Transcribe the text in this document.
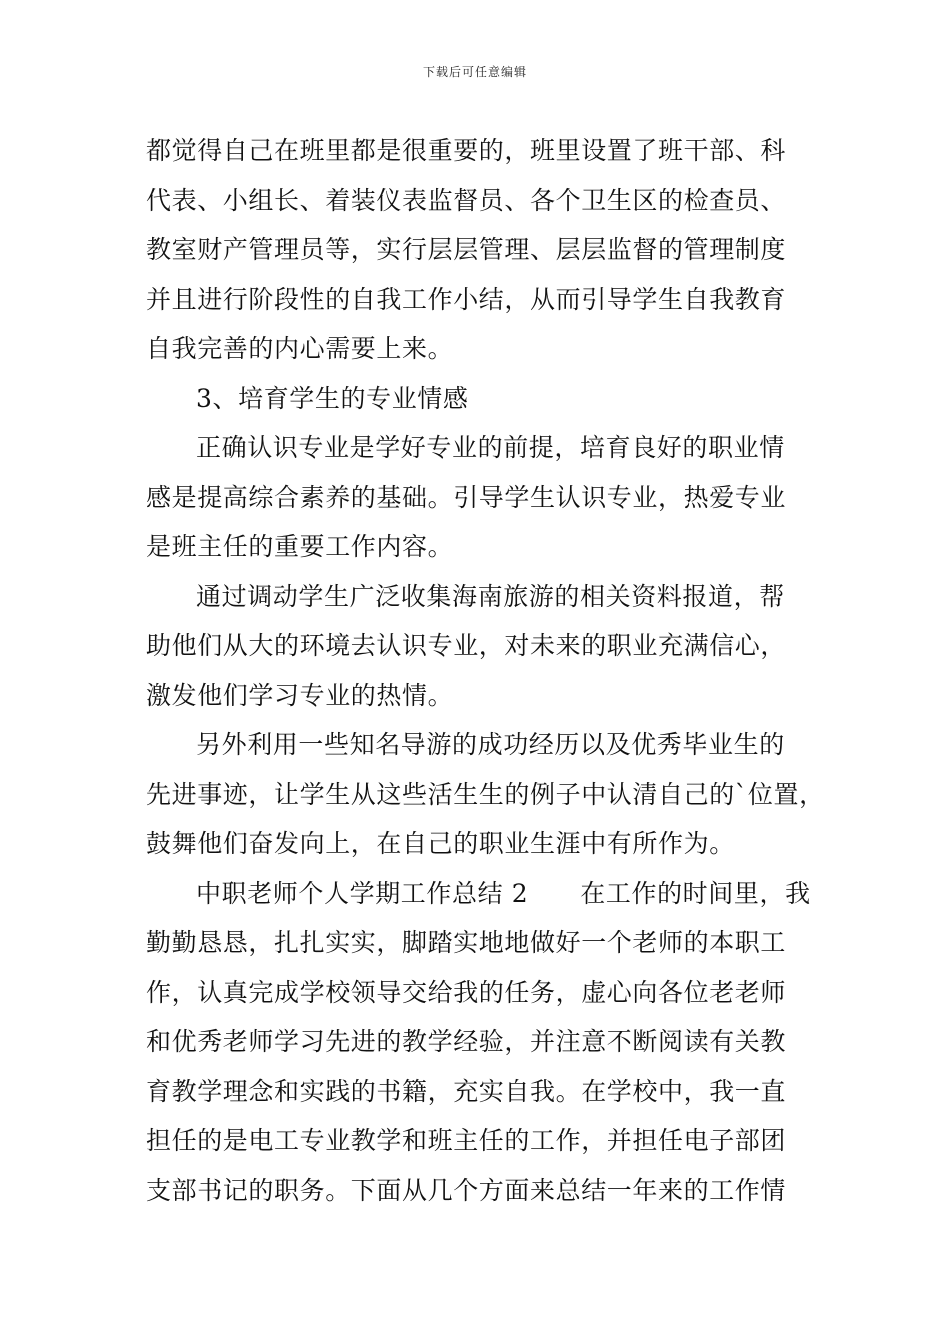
下载后可任意编辑
都觉得自己在班里都是很重要的，班里设置了班干部、科
代表、小组长、着装仪表监督员、各个卫生区的检查员、
教室财产管理员等，实行层层管理、层层监督的管理制度
并且进行阶段性的自我工作小结，从而引导学生自我教育
自我完善的内心需要上来。
3、培育学生的专业情感
正确认识专业是学好专业的前提，培育良好的职业情
感是提高综合素养的基础。引导学生认识专业，热爱专业
是班主任的重要工作内容。
通过调动学生广泛收集海南旅游的相关资料报道，帮
助他们从大的环境去认识专业，对未来的职业充满信心，
激发他们学习专业的热情。
另外利用一些知名导游的成功经历以及优秀毕业生的
先进事迹，让学生从这些活生生的例子中认清自己的`位置，
鼓舞他们奋发向上，在自己的职业生涯中有所作为。
中职老师个人学期工作总结 2 在工作的时间里，我
勤勤恳恳，扎扎实实，脚踏实地地做好一个老师的本职工
作，认真完成学校领导交给我的任务，虚心向各位老老师
和优秀老师学习先进的教学经验，并注意不断阅读有关教
育教学理念和实践的书籍，充实自我。在学校中，我一直
担任的是电工专业教学和班主任的工作，并担任电子部团
支部书记的职务。下面从几个方面来总结一年来的工作情
